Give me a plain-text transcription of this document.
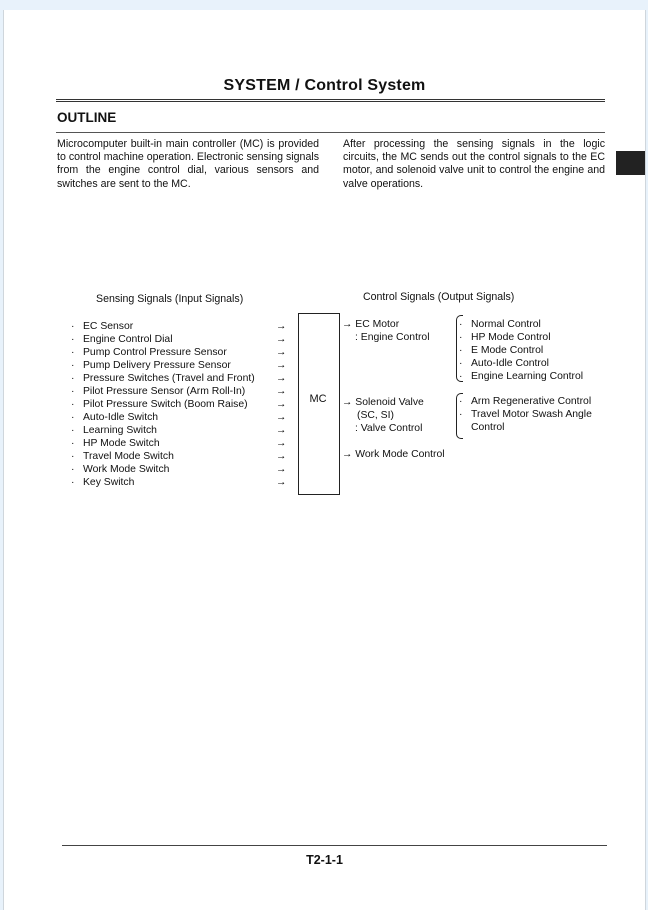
SYSTEM / Control System
OUTLINE
Microcomputer built-in main controller (MC) is provided to control machine operation. Electronic sensing signals from the engine control dial, various sensors and switches are sent to the MC.
After processing the sensing signals in the logic circuits, the MC sends out the control signals to the EC motor, and solenoid valve unit to control the engine and valve operations.
Sensing Signals (Input Signals)	Control Signals (Output Signals)
· EC Sensor
· Engine Control Dial
· Pump Control Pressure Sensor
· Pump Delivery Pressure Sensor
· Pressure Switches (Travel and Front)
· Pilot Pressure Sensor (Arm Roll-In)
· Pilot Pressure Switch (Boom Raise)
· Auto-Idle Switch
· Learning Switch
· HP Mode Switch
· Travel Mode Switch
· Work Mode Switch
· Key Switch
→
→
→
→
→
→
→
→
→
→
→
→
→
MC
→ EC Motor
: Engine Control
· Normal Control
· HP Mode Control
· E Mode Control
· Auto-Idle Control
· Engine Learning Control
→ Solenoid Valve
(SC, SI)
: Valve Control
· Arm Regenerative Control
· Travel Motor Swash Angle
Control
→ Work Mode Control
T2-1-1
